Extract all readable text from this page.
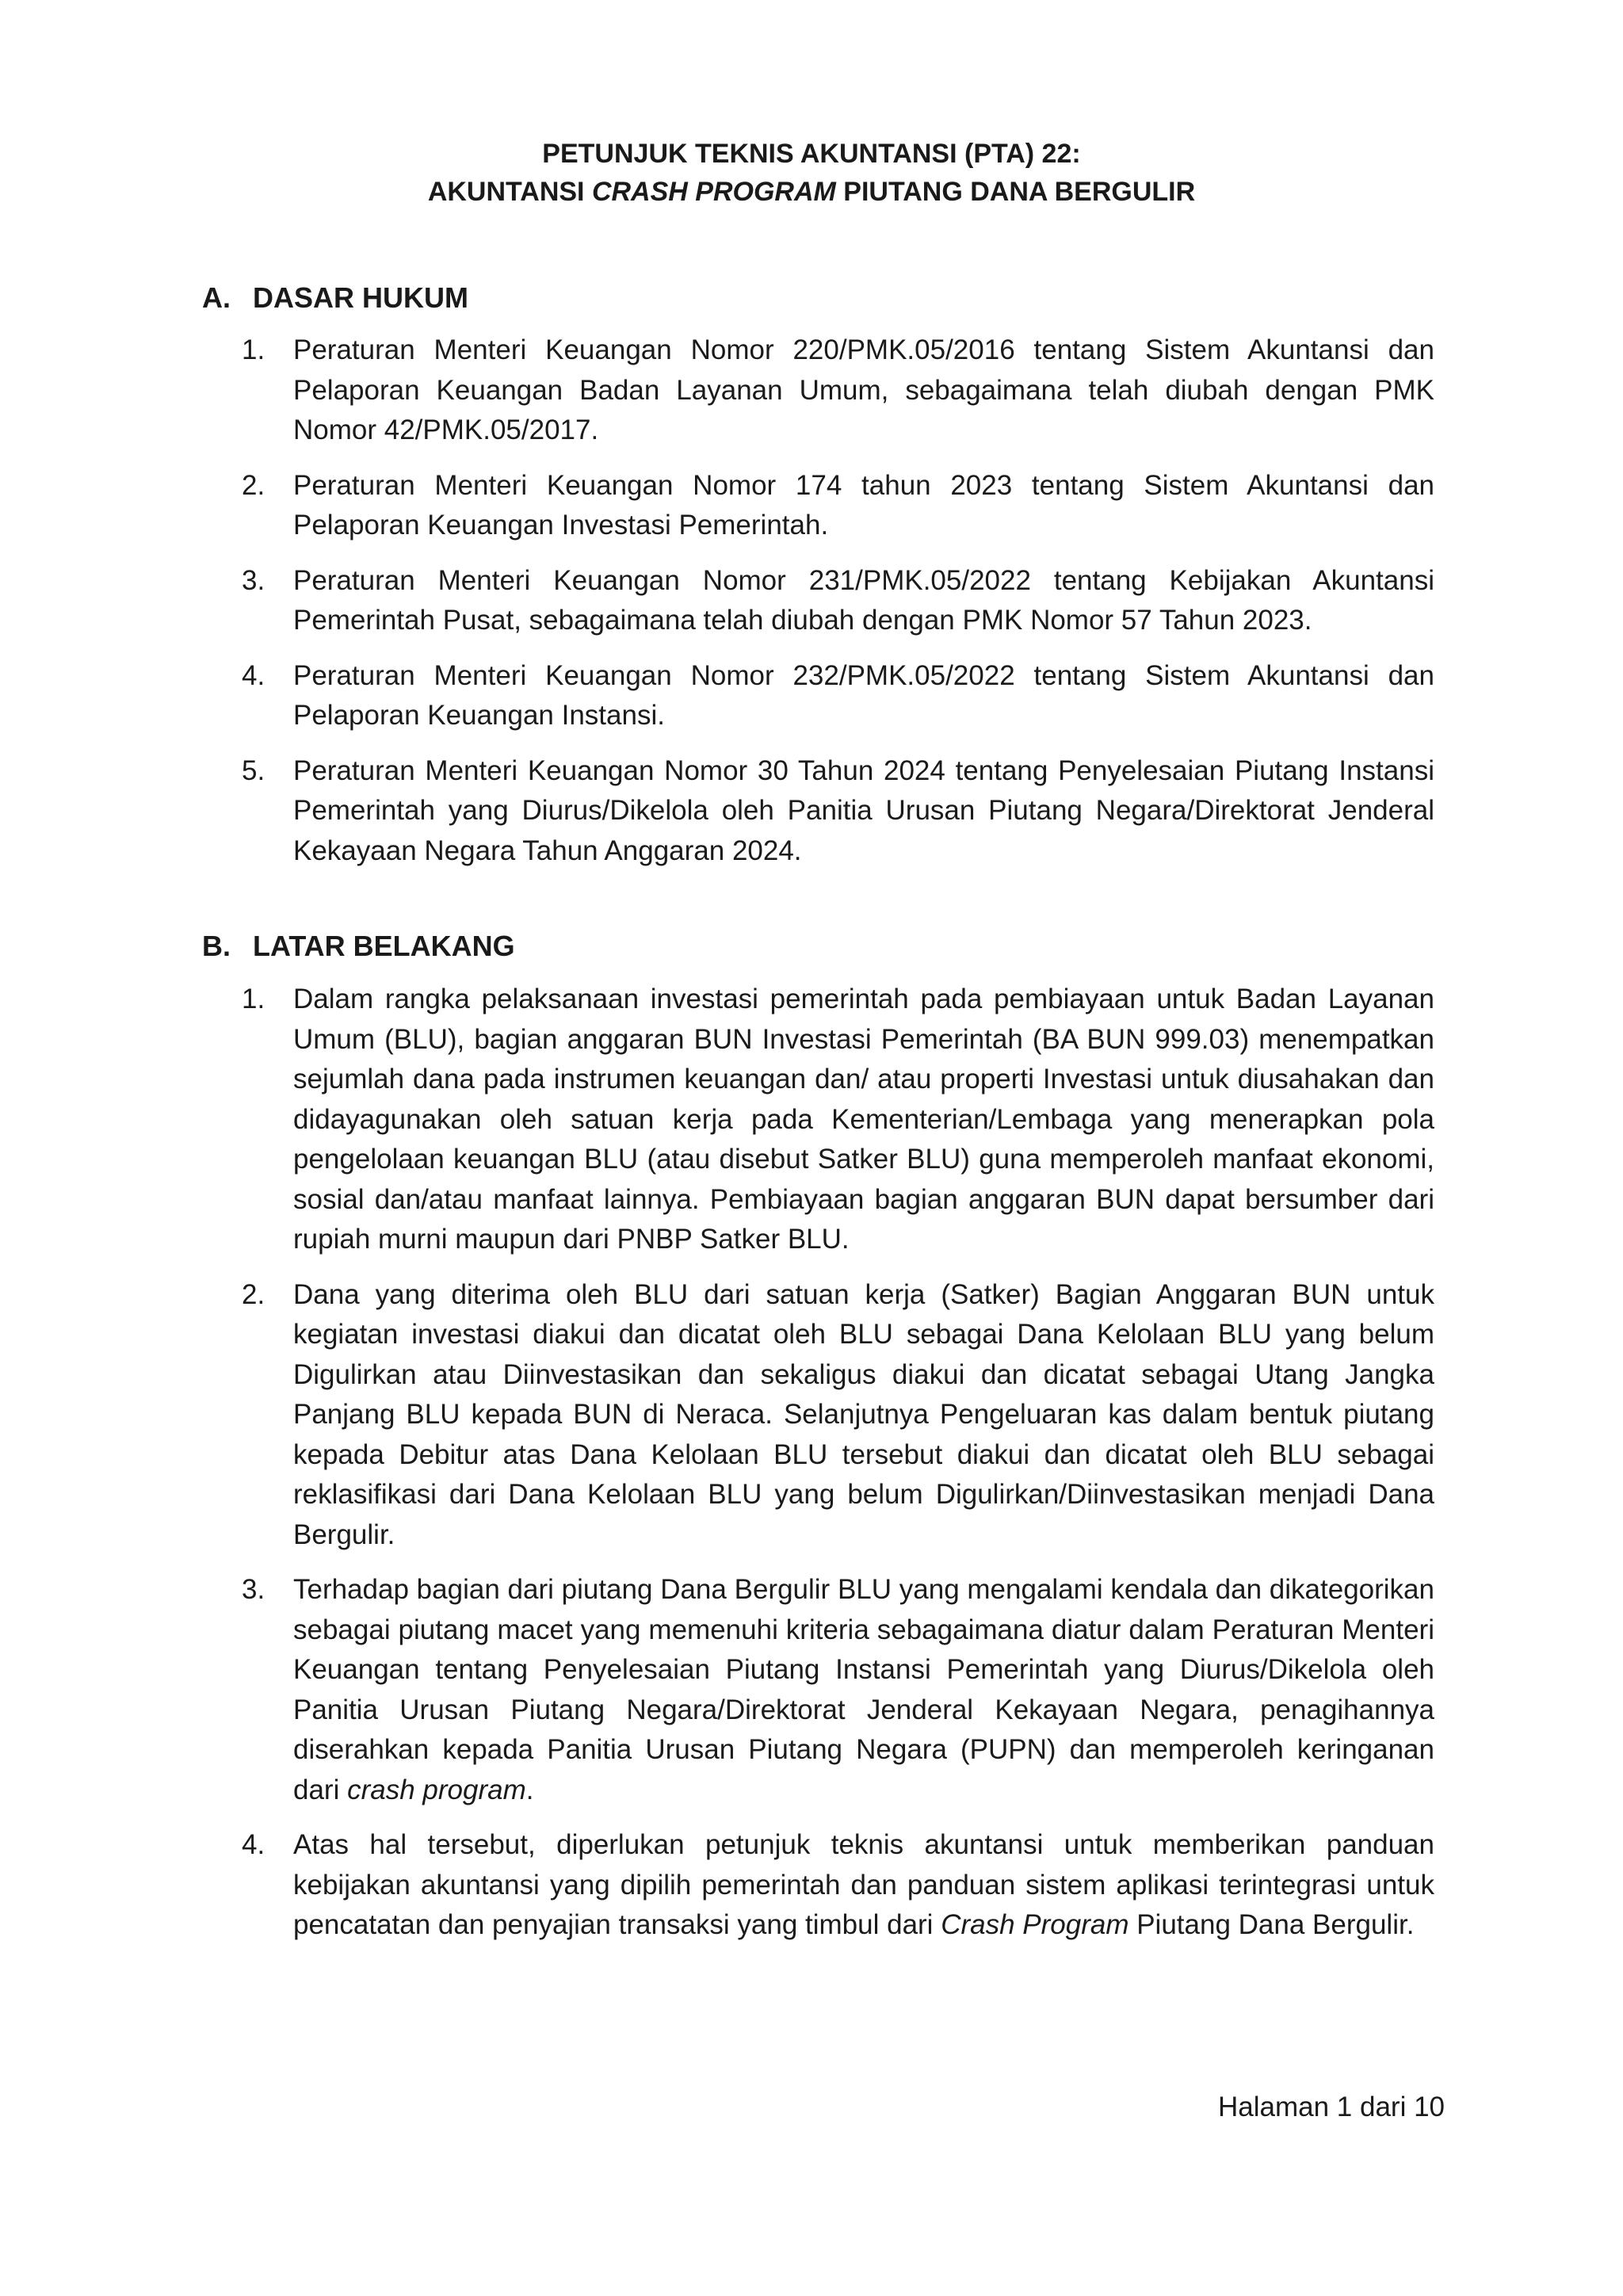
PETUNJUK TEKNIS AKUNTANSI (PTA) 22:
AKUNTANSI CRASH PROGRAM PIUTANG DANA BERGULIR
A. DASAR HUKUM
1. Peraturan Menteri Keuangan Nomor 220/PMK.05/2016 tentang Sistem Akuntansi dan Pelaporan Keuangan Badan Layanan Umum, sebagaimana telah diubah dengan PMK Nomor 42/PMK.05/2017.
2. Peraturan Menteri Keuangan Nomor 174 tahun 2023 tentang Sistem Akuntansi dan Pelaporan Keuangan Investasi Pemerintah.
3. Peraturan Menteri Keuangan Nomor 231/PMK.05/2022 tentang Kebijakan Akuntansi Pemerintah Pusat, sebagaimana telah diubah dengan PMK Nomor 57 Tahun 2023.
4. Peraturan Menteri Keuangan Nomor 232/PMK.05/2022 tentang Sistem Akuntansi dan Pelaporan Keuangan Instansi.
5. Peraturan Menteri Keuangan Nomor 30 Tahun 2024 tentang Penyelesaian Piutang Instansi Pemerintah yang Diurus/Dikelola oleh Panitia Urusan Piutang Negara/Direktorat Jenderal Kekayaan Negara Tahun Anggaran 2024.
B. LATAR BELAKANG
1. Dalam rangka pelaksanaan investasi pemerintah pada pembiayaan untuk Badan Layanan Umum (BLU), bagian anggaran BUN Investasi Pemerintah (BA BUN 999.03) menempatkan sejumlah dana pada instrumen keuangan dan/ atau properti Investasi untuk diusahakan dan didayagunakan oleh satuan kerja pada Kementerian/Lembaga yang menerapkan pola pengelolaan keuangan BLU (atau disebut Satker BLU) guna memperoleh manfaat ekonomi, sosial dan/atau manfaat lainnya. Pembiayaan bagian anggaran BUN dapat bersumber dari rupiah murni maupun dari PNBP Satker BLU.
2. Dana yang diterima oleh BLU dari satuan kerja (Satker) Bagian Anggaran BUN untuk kegiatan investasi diakui dan dicatat oleh BLU sebagai Dana Kelolaan BLU yang belum Digulirkan atau Diinvestasikan dan sekaligus diakui dan dicatat sebagai Utang Jangka Panjang BLU kepada BUN di Neraca. Selanjutnya Pengeluaran kas dalam bentuk piutang kepada Debitur atas Dana Kelolaan BLU tersebut diakui dan dicatat oleh BLU sebagai reklasifikasi dari Dana Kelolaan BLU yang belum Digulirkan/Diinvestasikan menjadi Dana Bergulir.
3. Terhadap bagian dari piutang Dana Bergulir BLU yang mengalami kendala dan dikategorikan sebagai piutang macet yang memenuhi kriteria sebagaimana diatur dalam Peraturan Menteri Keuangan tentang Penyelesaian Piutang Instansi Pemerintah yang Diurus/Dikelola oleh Panitia Urusan Piutang Negara/Direktorat Jenderal Kekayaan Negara, penagihannya diserahkan kepada Panitia Urusan Piutang Negara (PUPN) dan memperoleh keringanan dari crash program.
4. Atas hal tersebut, diperlukan petunjuk teknis akuntansi untuk memberikan panduan kebijakan akuntansi yang dipilih pemerintah dan panduan sistem aplikasi terintegrasi untuk pencatatan dan penyajian transaksi yang timbul dari Crash Program Piutang Dana Bergulir.
Halaman 1 dari 10
